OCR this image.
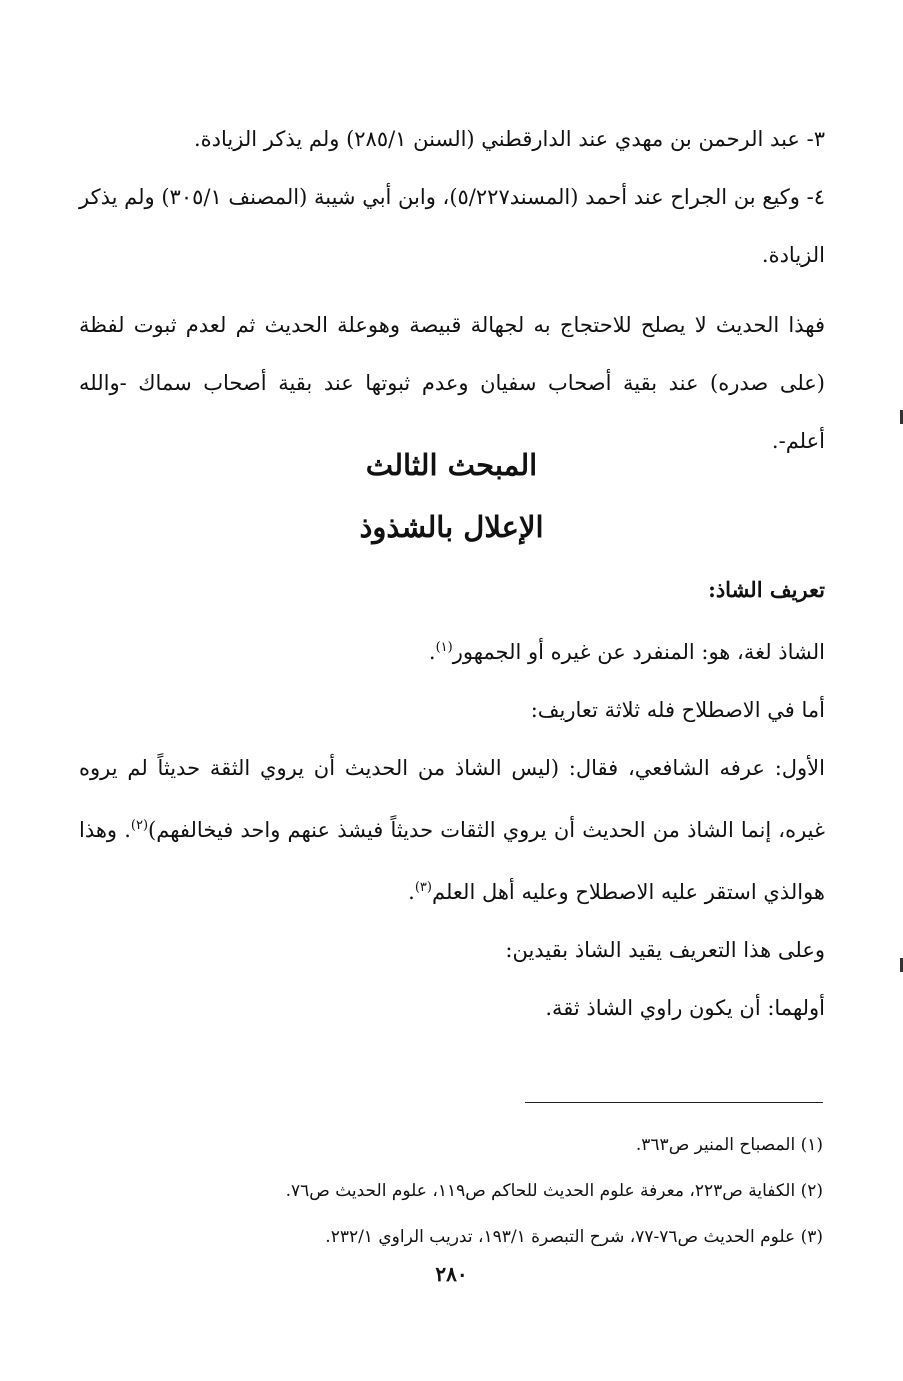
٣- عبد الرحمن بن مهدي عند الدارقطني (السنن ٢٨٥/١) ولم يذكر الزيادة.

٤- وكيع بن الجراح عند أحمد (المسند٥/٢٢٧)، وابن أبي شيبة (المصنف ٣٠٥/١) ولم يذكر الزيادة.

فهذا الحديث لا يصلح للاحتجاج به لجهالة قبيصة وهوعلة الحديث ثم لعدم ثبوت لفظة (على صدره) عند بقية أصحاب سفيان وعدم ثبوتها عند بقية أصحاب سماك -والله أعلم-.

المبحث الثالث
الإعلال بالشذوذ

تعريف الشاذ:

الشاذ لغة، هو: المنفرد عن غيره أو الجمهور$^{(١)}$.

أما في الاصطلاح فله ثلاثة تعاريف:

الأول: عرفه الشافعي، فقال: (ليس الشاذ من الحديث أن يروي الثقة حديثاً لم يروه غيره، إنما الشاذ من الحديث أن يروي الثقات حديثاً فيشذ عنهم واحد فيخالفهم)$^{(٢)}$. وهذا هوالذي استقر عليه الاصطلاح وعليه أهل العلم$^{(٣)}$.

وعلى هذا التعريف يقيد الشاذ بقيدين:

أولهما: أن يكون راوي الشاذ ثقة.

(١) المصباح المنير ص٣٦٣.

(٢) الكفاية ص٢٢٣، معرفة علوم الحديث للحاكم ص١١٩، علوم الحديث ص٧٦.

(٣) علوم الحديث ص٧٦-٧٧، شرح التبصرة ١٩٣/١، تدريب الراوي ٢٣٢/١.

٢٨٠
